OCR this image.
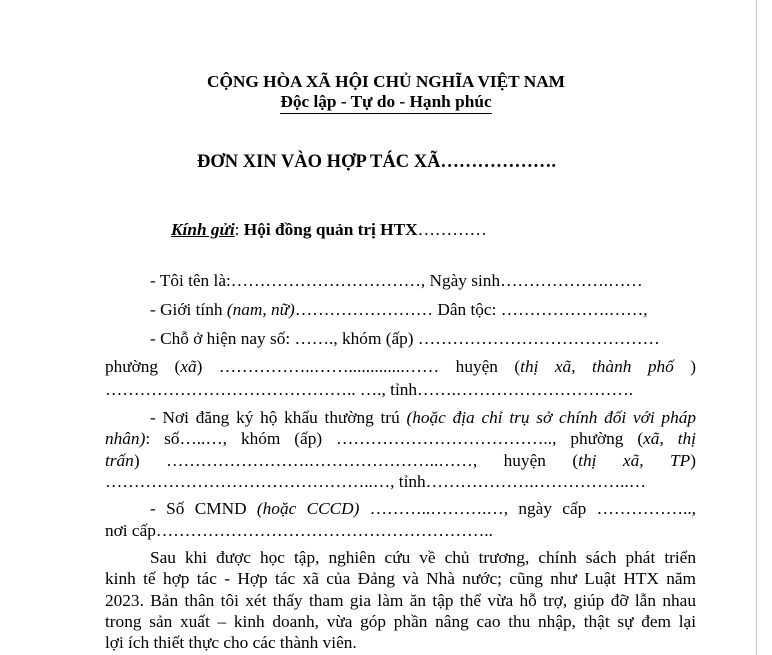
CỘNG HÒA XÃ HỘI CHỦ NGHĨA VIỆT NAM
Độc lập - Tự do - Hạnh phúc
ĐƠN XIN VÀO HỢP TÁC XÃ……………….
Kính gửi: Hội đồng quản trị HTX…………
- Tôi tên là:……………………………, Ngày sinh……………….……
- Giới tính (nam, nữ)…………………… Dân tộc: ……………….……,
- Chỗ ở hiện nay số: ……., khóm (ấp) ……………………………………
phường (xã) ……………..…….............…… huyện (thị xã, thành phố )
…………………………………….. …., tỉnh…….………………………….
- Nơi đăng ký hộ khẩu thường trú (hoặc địa chỉ trụ sở chính đối với pháp
nhân): số…..…, khóm (ấp) ……………………………….., phường (xã, thị
trấn) …………………….…………………..……, huyện (thị xã, TP)
………………………………………..…, tỉnh……………….……………..…
- Số CMND (hoặc CCCD) ………..……….…, ngày cấp ……………..,
nơi cấp…………………………………………………..
Sau khi được học tập, nghiên cứu về chủ trương, chính sách phát triển
kinh tế hợp tác - Hợp tác xã của Đảng và Nhà nước; cũng như Luật HTX năm
2023. Bản thân tôi xét thấy tham gia làm ăn tập thể vừa hỗ trợ, giúp đỡ lẫn nhau
trong sản xuất – kinh doanh, vừa góp phần nâng cao thu nhập, thật sự đem lại
lợi ích thiết thực cho các thành viên.
